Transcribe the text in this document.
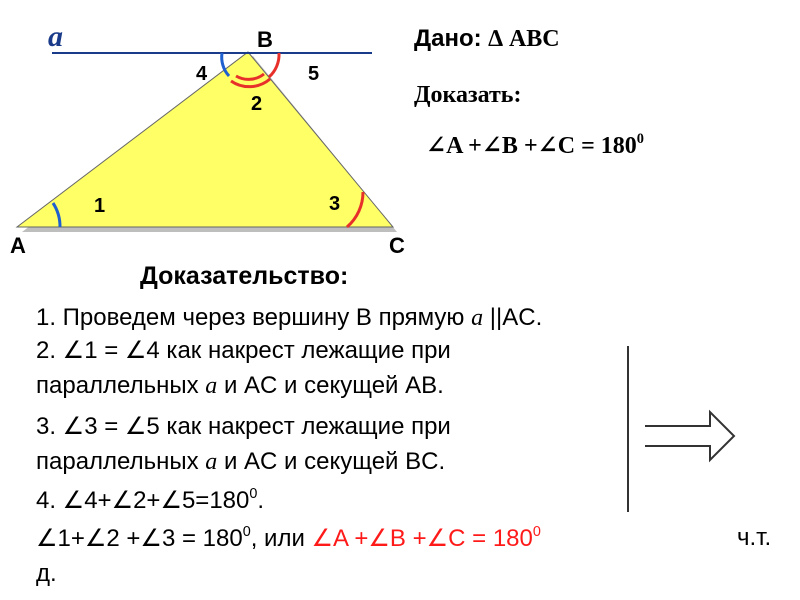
a	B
A	C
1
2
3
4	5
Дано: ∆ ABC
Доказать:
∠A +∠B +∠C = $180^0$
Доказательство:
1. Проведем через вершину B прямую a ||AC.
2. ∠1 = ∠4 как накрест лежащие при
параллельных a и AC и секущей AB.
3. ∠3 = ∠5 как накрест лежащие при
параллельных a и AC и секущей BC.
4. $\angle 4+\angle 2+\angle 5=180^0$.
∠1+∠2 +∠3 = $180^0$, или ∠A +∠B +∠C = $180^0$	ч.т.
д.
